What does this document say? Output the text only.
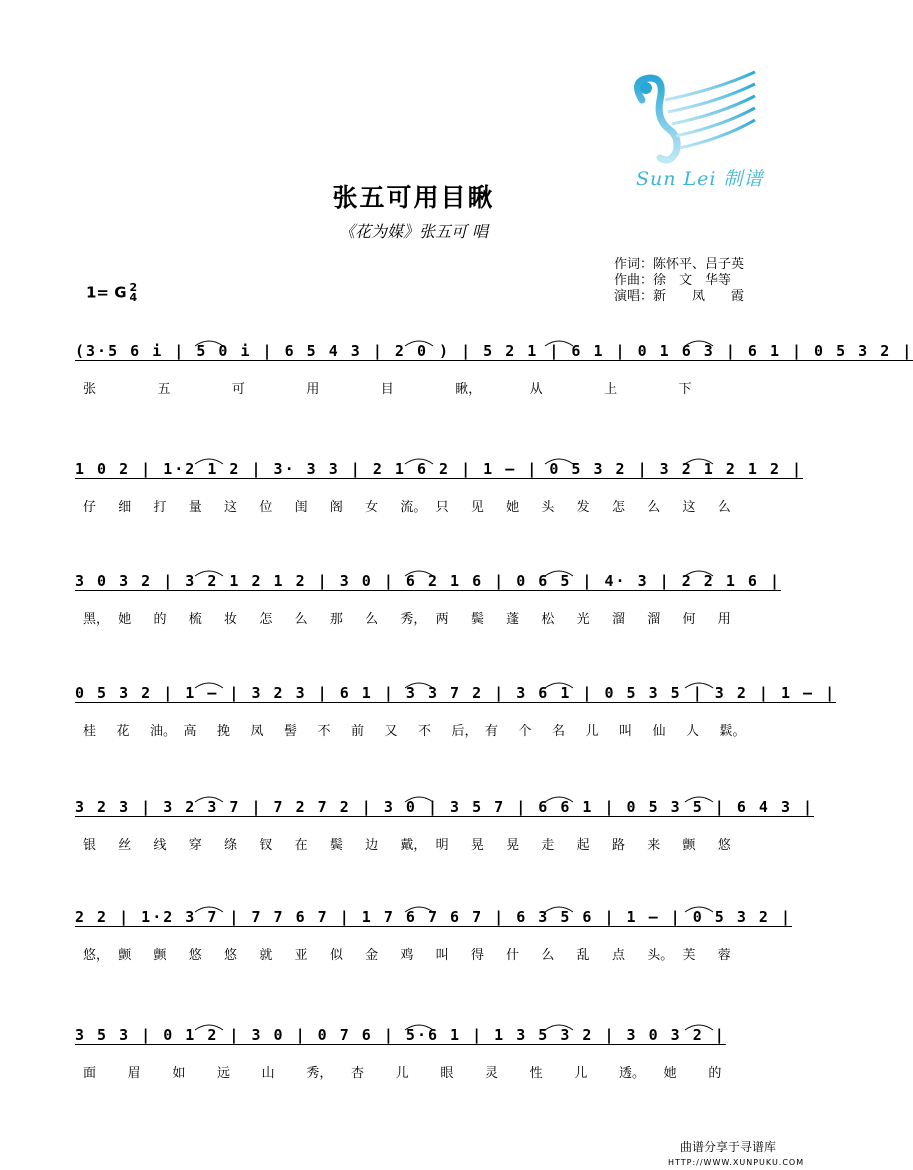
Sun Lei 制谱
张五可用目瞅
《花为媒》张五可 唱
作词：陈怀平、吕子英
作曲：徐　文　华等
演唱：新　　凤　　霞
1= G 2
4
(3·5 6 i | 5 0 i | 6 5 4 3 | 2 0 ) | 5 2 1 | 6 1 | 0 1 6 3 | 6 1 | 0 5 3 2 |
张	五	可	用	目	瞅，	从	上	下
1 0 2 | 1·2 1 2 | 3· 3 3 | 2 1 6 2 | 1 – | 0 5 3 2 | 3 2 1 2 1 2 |
仔 细 打 量 这 位 闺 阁 女 流。 只 见 她 头 发 怎 么 这 么
3 0 3 2 | 3 2 1 2 1 2 | 3 0 | 6 2 1 6 | 0 6 5 | 4· 3 | 2 2 1 6 |
黑， 她 的 梳 妆 怎 么 那 么 秀， 两 鬓 蓬 松 光 溜 溜 何 用
0 5 3 2 | 1 – | 3 2 3 | 6 1 | 3 3 7 2 | 3 6 1 | 0 5 3 5 | 3 2 | 1 – |
桂 花 油。 高 挽 凤 髻 不 前 又 不 后， 有 个 名 儿 叫 仙 人 鬏。
3 2 3 | 3 2 3 7 | 7 2 7 2 | 3 0 | 3 5 7 | 6 6 1 | 0 5 3 5 | 6 4 3 |
银 丝 线 穿 绦 钗 在 鬓 边 戴， 明 晃 晃 走 起 路 来 颤 悠
2 2 | 1·2 3 7 | 7 7 6 7 | 1 7 6 7 6 7 | 6 3 5 6 | 1 – | 0 5 3 2 |
悠， 颤 颤 悠 悠 就 亚 似 金 鸡 叫 得 什 么 乱 点 头。 芙 蓉
3 5 3 | 0 1 2 | 3 0 | 0 7 6 | 5·6 1 | 1 3 5 3 2 | 3 0 3 2 |
面 眉 如 远 山 秀， 杏 儿 眼 灵 性 儿 透。 她 的
曲谱分享于寻谱库
HTTP://WWW.XUNPUKU.COM
